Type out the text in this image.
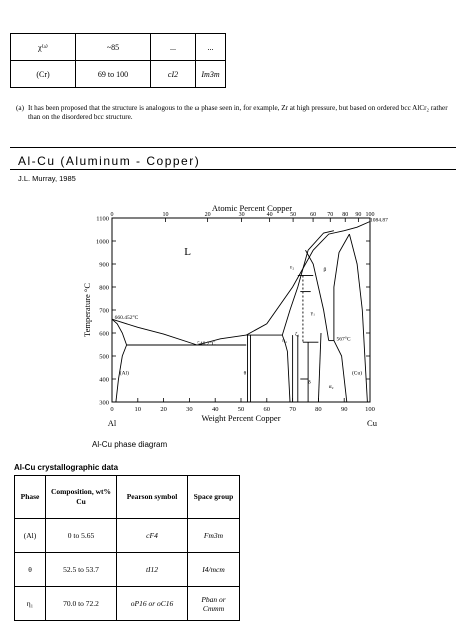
χ⁽ᵃ⁾	~85	...	...
(Cr)	69 to 100	cI2	Im3m
(a) It has been proposed that the structure is analogous to the ω phase seen in, for example, Zr at high pressure, but based on ordered bcc AlCr₂ rather than on the disordered bcc structure.
Al-Cu (Aluminum - Copper)
J.L. Murray, 1985
Atomic Percent Copper
0	10	20	30	40	50	60	70	80	90	100
0	10	20	30	40	50 60 70 80 90 100
300
400
500
600
700
800
900
1000
1100
L
660.452°C
548.2°C
1084.87
(Al)	(Cu)
θ
567°C
β
γ₁
ε₂
ζ₁
η₁
δ
α₂
Weight Percent Copper
Al	Cu
Temperature °C
Al-Cu phase diagram
Al-Cu crystallographic data
Phase	Composition, wt% Cu	Pearson symbol	Space group
(Al)	0 to 5.65	cF4	Fm3m
θ	52.5 to 53.7	tI12	I4/mcm
η₁	70.0 to 72.2	oP16 or oC16	Pban or Cmmm
